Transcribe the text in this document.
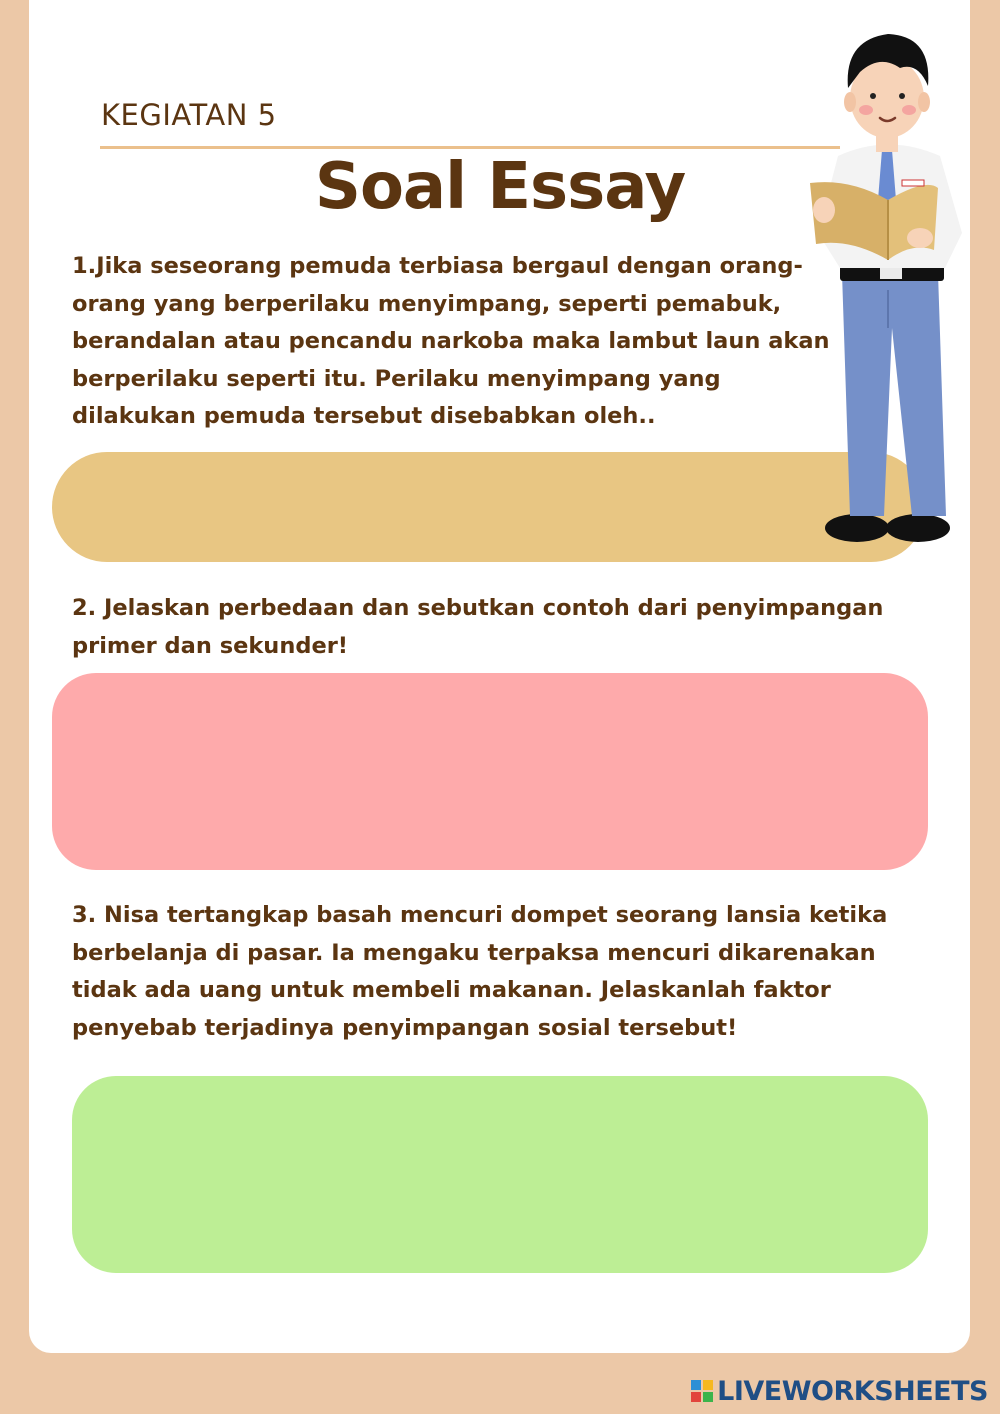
KEGIATAN 5
Soal Essay
1.Jika seseorang pemuda terbiasa bergaul dengan orang-
orang yang berperilaku menyimpang, seperti pemabuk,
berandalan atau pencandu narkoba maka lambut laun akan
berperilaku seperti itu. Perilaku menyimpang yang
dilakukan pemuda tersebut disebabkan oleh..
2. Jelaskan perbedaan dan sebutkan contoh dari penyimpangan
primer dan sekunder!
3. Nisa tertangkap basah mencuri dompet seorang lansia ketika
berbelanja di pasar. Ia mengaku terpaksa mencuri dikarenakan
tidak ada uang untuk membeli makanan. Jelaskanlah faktor
penyebab terjadinya penyimpangan sosial tersebut!
LIVEWORKSHEETS
